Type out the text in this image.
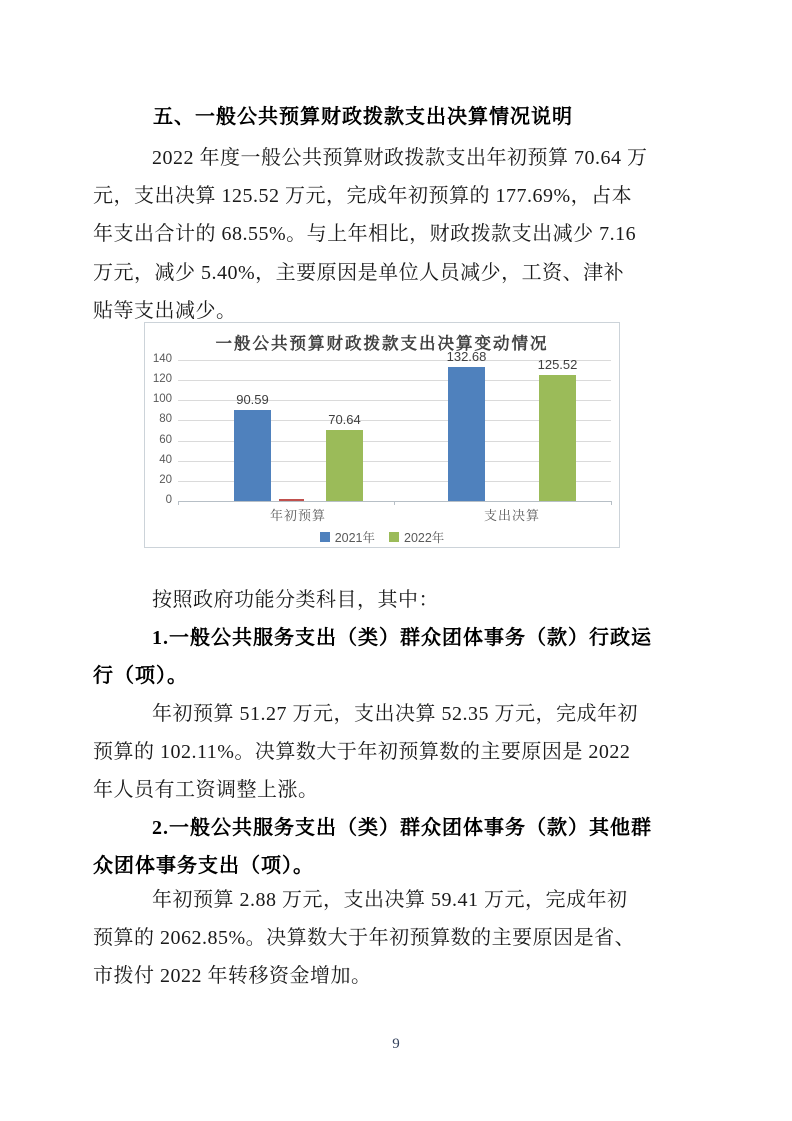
五、一般公共预算财政拨款支出决算情况说明
2022 年度一般公共预算财政拨款支出年初预算 70.64 万
元，支出决算 125.52 万元，完成年初预算的 177.69%，占本
年支出合计的 68.55%。与上年相比，财政拨款支出减少 7.16
万元，减少 5.40%，主要原因是单位人员减少，工资、津补
贴等支出减少。
一般公共预算财政拨款支出决算变动情况
0
20
40
60
80
100
120
140
90.59
132.68
70.64
125.52
年初预算	支出决算
2021年 2022年
按照政府功能分类科目，其中：
1.一般公共服务支出（类）群众团体事务（款）行政运
行（项）。
年初预算 51.27 万元，支出决算 52.35 万元，完成年初
预算的 102.11%。决算数大于年初预算数的主要原因是 2022
年人员有工资调整上涨。
2.一般公共服务支出（类）群众团体事务（款）其他群
众团体事务支出（项）。
年初预算 2.88 万元，支出决算 59.41 万元，完成年初
预算的 2062.85%。决算数大于年初预算数的主要原因是省、
市拨付 2022 年转移资金增加。
9
